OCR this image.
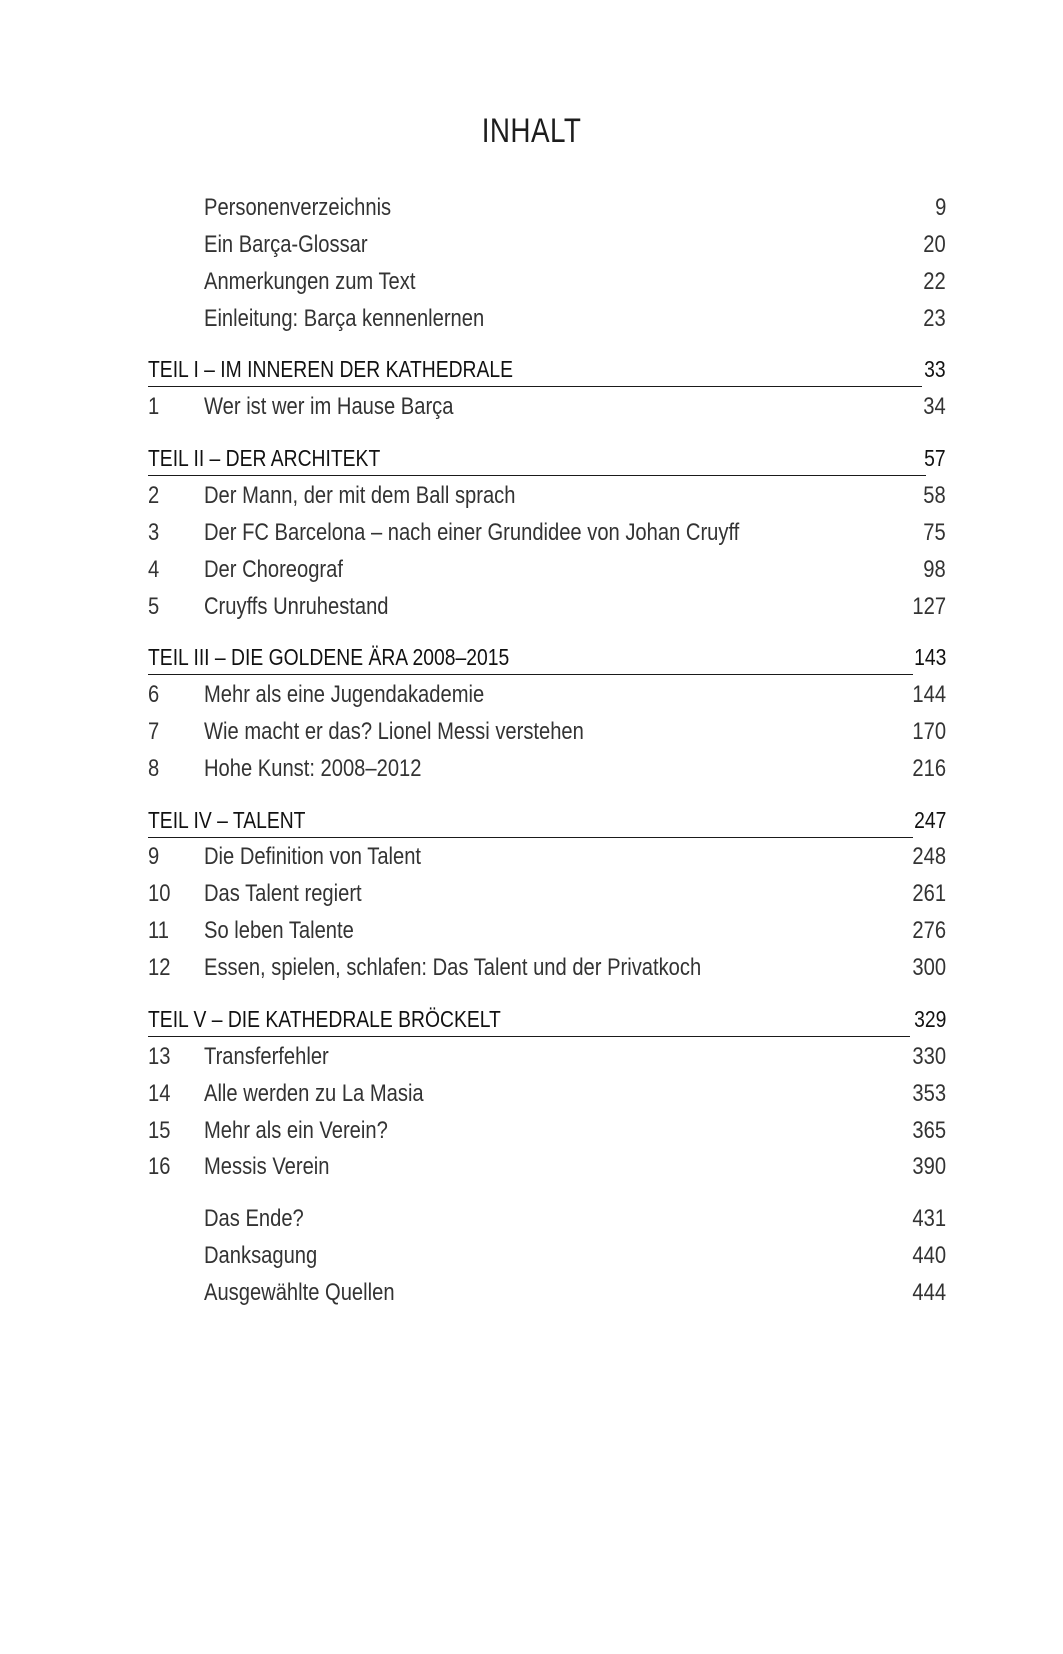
INHALT
Personenverzeichnis	9
Ein Barça-Glossar	20
Anmerkungen zum Text	22
Einleitung: Barça kennenlernen	23
TEIL I – IM INNEREN DER KATHEDRALE	33
1 Wer ist wer im Hause Barça	34
TEIL II – DER ARCHITEKT	57
2 Der Mann, der mit dem Ball sprach	58
3 Der FC Barcelona – nach einer Grundidee von Johan Cruyff	75
4 Der Choreograf	98
5 Cruyffs Unruhestand	127
TEIL III – DIE GOLDENE ÄRA 2008–2015	143
6 Mehr als eine Jugendakademie	144
7 Wie macht er das? Lionel Messi verstehen	170
8 Hohe Kunst: 2008–2012	216
TEIL IV – TALENT	247
9 Die Definition von Talent	248
10 Das Talent regiert	261
11 So leben Talente	276
12 Essen, spielen, schlafen: Das Talent und der Privatkoch	300
TEIL V – DIE KATHEDRALE BRÖCKELT	329
13 Transferfehler	330
14 Alle werden zu La Masia	353
15 Mehr als ein Verein?	365
16 Messis Verein	390
Das Ende?	431
Danksagung	440
Ausgewählte Quellen	444
